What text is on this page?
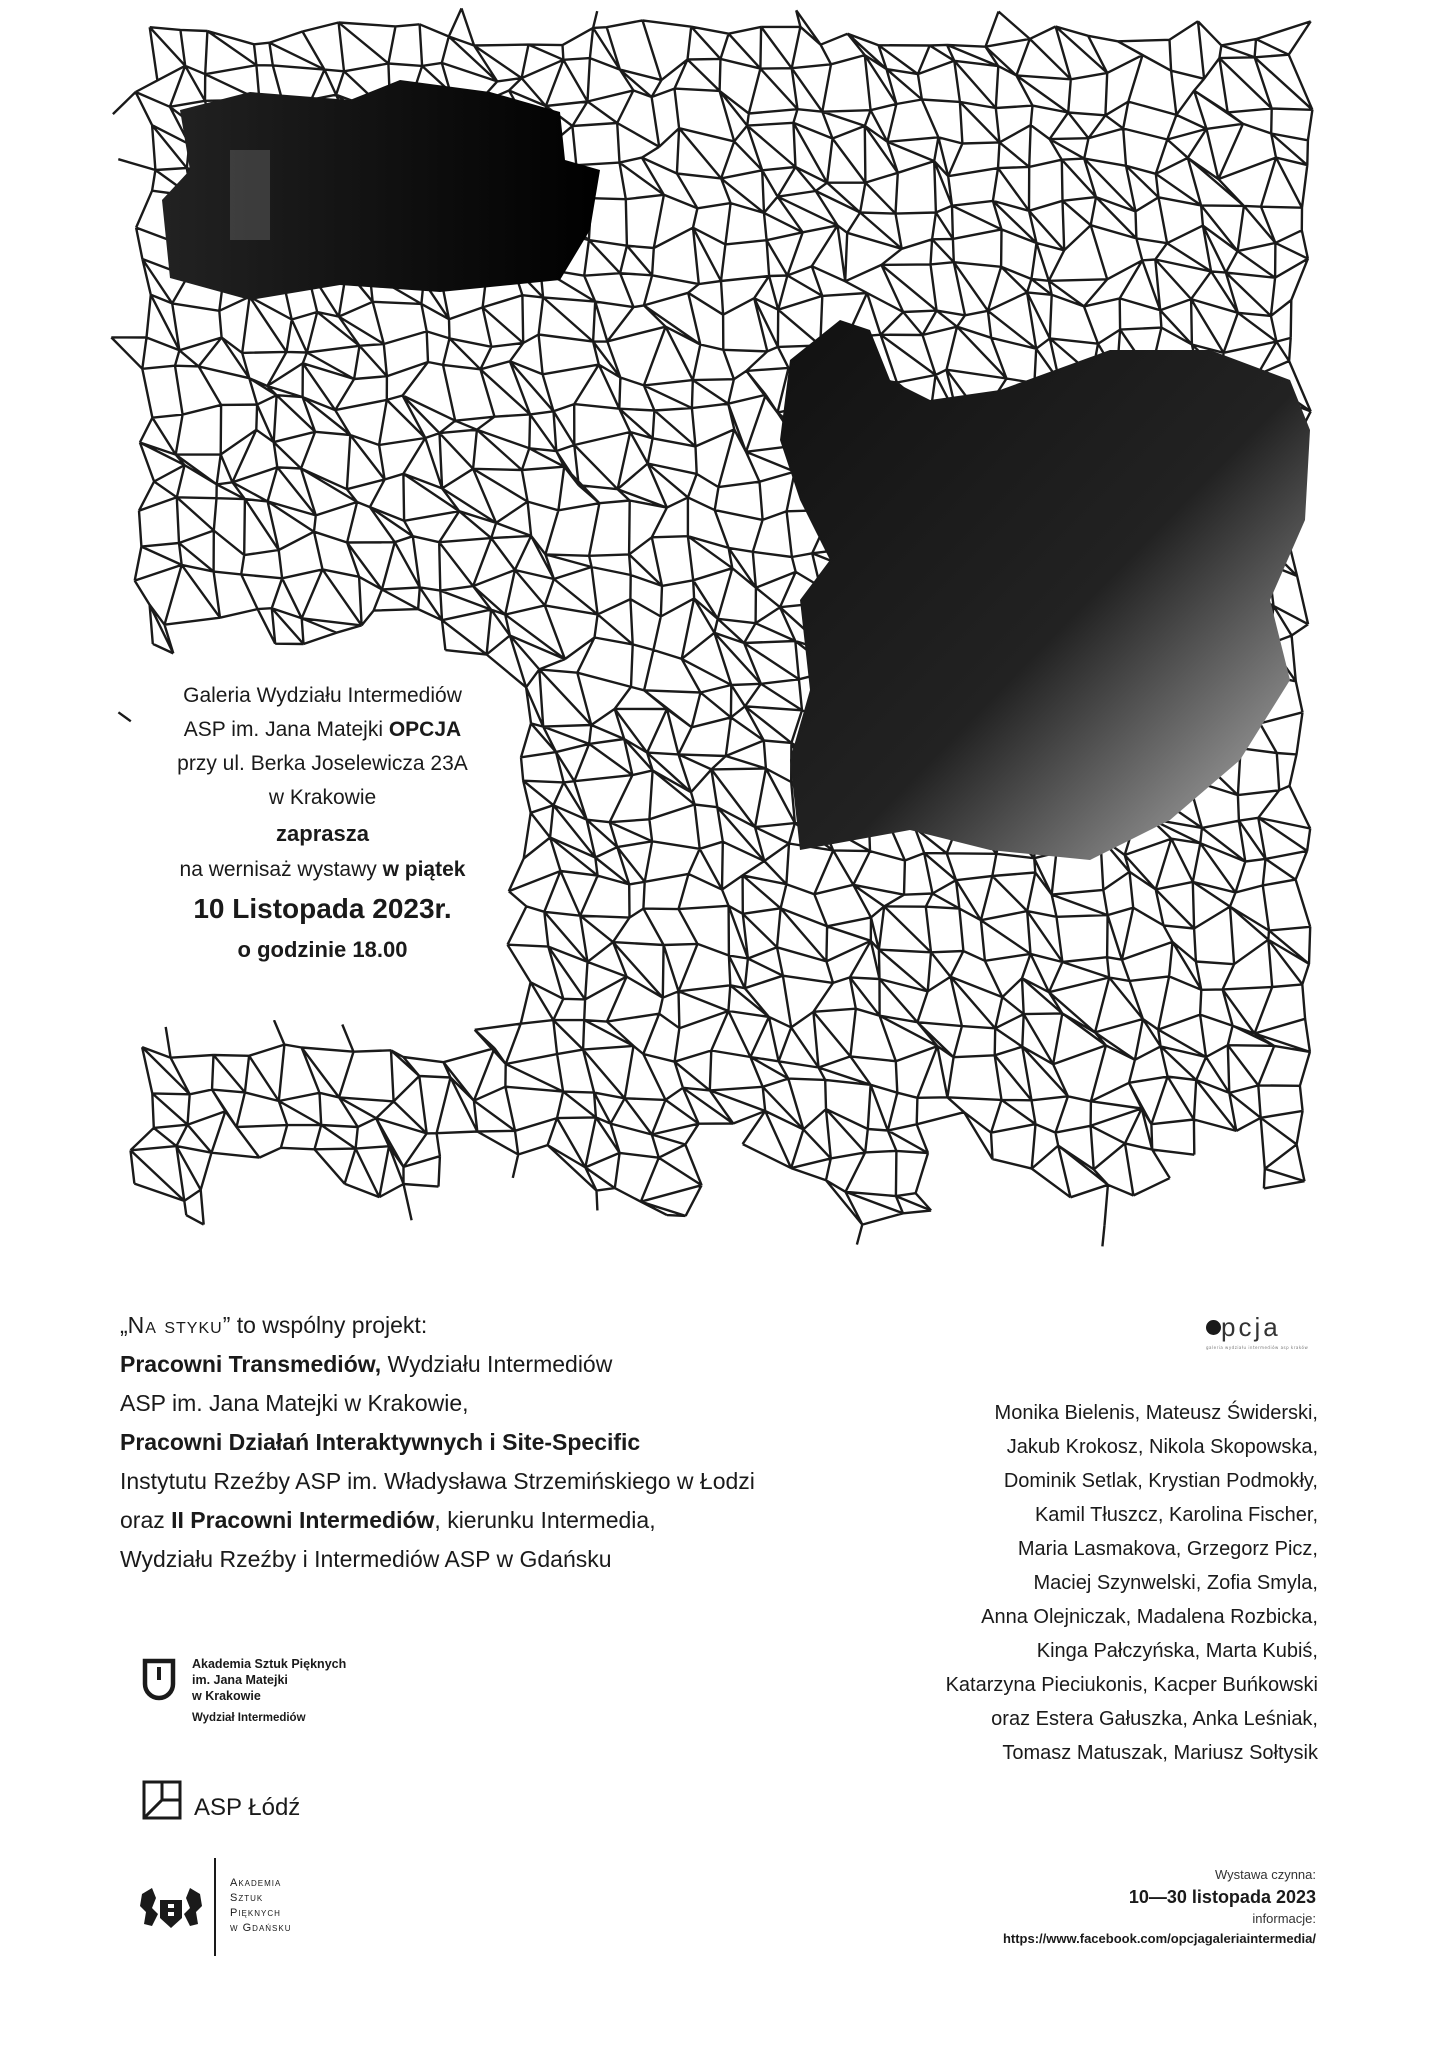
Galeria Wydziału Intermediów
ASP im. Jana Matejki OPCJA
przy ul. Berka Joselewicza 23A
w Krakowie
zaprasza
na wernisaż wystawy w piątek
10 Listopada 2023r.
o godzinie 18.00
„Na styku” to wspólny projekt:
Pracowni Transmediów, Wydziału Intermediów
ASP im. Jana Matejki w Krakowie,
Pracowni Działań Interaktywnych i Site-Specific
Instytutu Rzeźby ASP im. Władysława Strzemińskiego w Łodzi
oraz II Pracowni Intermediów, kierunku Intermedia,
Wydziału Rzeźby i Intermediów ASP w Gdańsku
pcja
galeria wydziału intermediów asp kraków
Monika Bielenis, Mateusz Świderski,
Jakub Krokosz, Nikola Skopowska,
Dominik Setlak, Krystian Podmokły,
Kamil Tłuszcz, Karolina Fischer,
Maria Lasmakova, Grzegorz Picz,
Maciej Szynwelski, Zofia Smyla,
Anna Olejniczak, Madalena Rozbicka,
Kinga Pałczyńska, Marta Kubiś,
Katarzyna Pieciukonis, Kacper Buńkowski
oraz Estera Gałuszka, Anka Leśniak,
Tomasz Matuszak, Mariusz Sołtysik
Akademia Sztuk Pięknych
im. Jana Matejki
w Krakowie
Wydział Intermediów
ASP Łódź
Akademia
Sztuk
Pięknych
w Gdańsku
Wystawa czynna:
10—30 listopada 2023
informacje:
https://www.facebook.com/opcjagaleriaintermedia/
